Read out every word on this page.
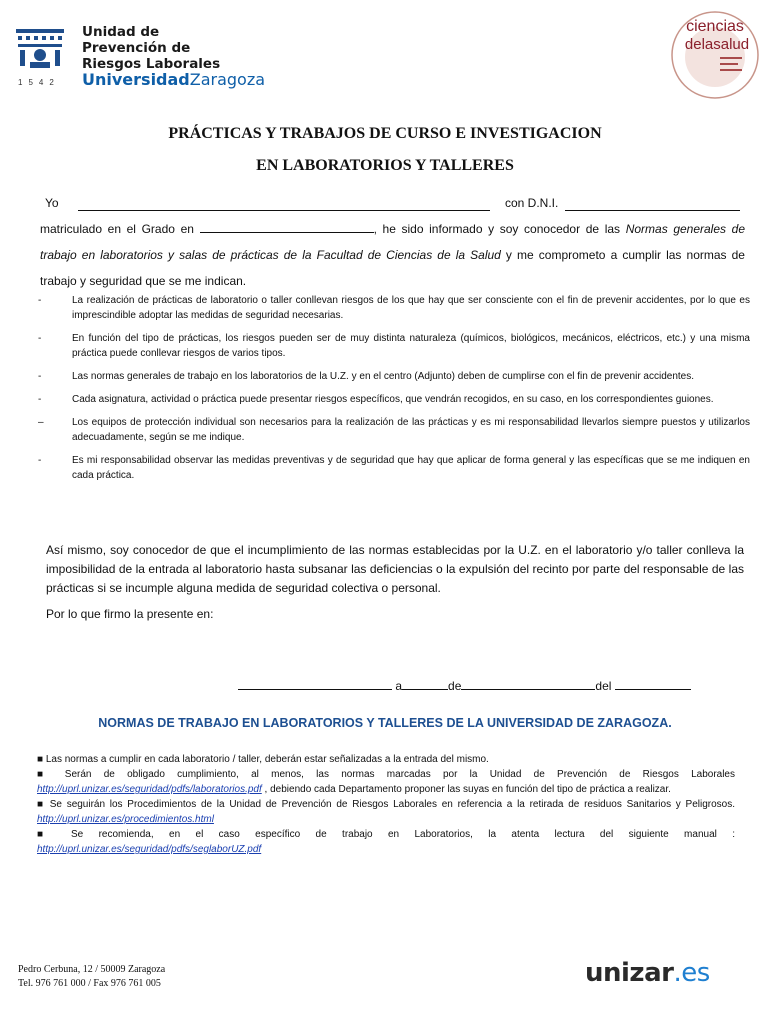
1542
Unidad de
Prevención de
Riesgos Laborales
UniversidadZaragoza
ciencias
delasalud
PRÁCTICAS Y TRABAJOS DE CURSO E INVESTIGACION
EN LABORATORIOS Y TALLERES
Yo	con D.N.I.
matriculado en el Grado en	, he sido informado y soy conocedor de las Normas generales de trabajo en laboratorios y salas de prácticas de la Facultad de Ciencias de la Salud y me comprometo a cumplir las normas de trabajo y seguridad que se me indican.
-	La realización de prácticas de laboratorio o taller conllevan riesgos de los que hay que ser consciente con el fin de prevenir accidentes, por lo que es imprescindible adoptar las medidas de seguridad necesarias.
-	En función del tipo de prácticas, los riesgos pueden ser de muy distinta naturaleza (químicos, biológicos, mecánicos, eléctricos, etc.) y una misma práctica puede conllevar riesgos de varios tipos.
-	Las normas generales de trabajo en los laboratorios de la U.Z. y en el centro (Adjunto) deben de cumplirse con el fin de prevenir accidentes.
-	Cada asignatura, actividad o práctica puede presentar riesgos específicos, que vendrán recogidos, en su caso, en los correspondientes guiones.
–	Los equipos de protección individual son necesarios para la realización de las prácticas y es mi responsabilidad llevarlos siempre puestos y utilizarlos adecuadamente, según se me indique.
-	Es mi responsabilidad observar las medidas preventivas y de seguridad que hay que aplicar de forma general y las específicas que se me indiquen en cada práctica.
Así mismo, soy conocedor de que el incumplimiento de las normas establecidas por la U.Z. en el laboratorio y/o taller conlleva la imposibilidad de la entrada al laboratorio hasta subsanar las deficiencias o la expulsión del recinto por parte del responsable de las prácticas si se incumple alguna medida de seguridad colectiva o personal.
Por lo que firmo la presente en:
a	de	del
NORMAS DE TRABAJO EN LABORATORIOS Y TALLERES DE LA UNIVERSIDAD DE ZARAGOZA.
■ Las normas a cumplir en cada laboratorio / taller, deberán estar señalizadas a la entrada del mismo.
■ Serán de obligado cumplimiento, al menos, las normas marcadas por la Unidad de Prevención de Riesgos Laborales http://uprl.unizar.es/seguridad/pdfs/laboratorios.pdf , debiendo cada Departamento proponer las suyas en función del tipo de práctica a realizar.
■ Se seguirán los Procedimientos de la Unidad de Prevención de Riesgos Laborales en referencia a la retirada de residuos Sanitarios y Peligrosos. http://uprl.unizar.es/procedimientos.html
■ Se recomienda, en el caso específico de trabajo en Laboratorios, la atenta lectura del siguiente manual : http://uprl.unizar.es/seguridad/pdfs/seglaborUZ.pdf
Pedro Cerbuna, 12 / 50009 Zaragoza
Tel. 976 761 000 / Fax 976 761 005	unizar.es
